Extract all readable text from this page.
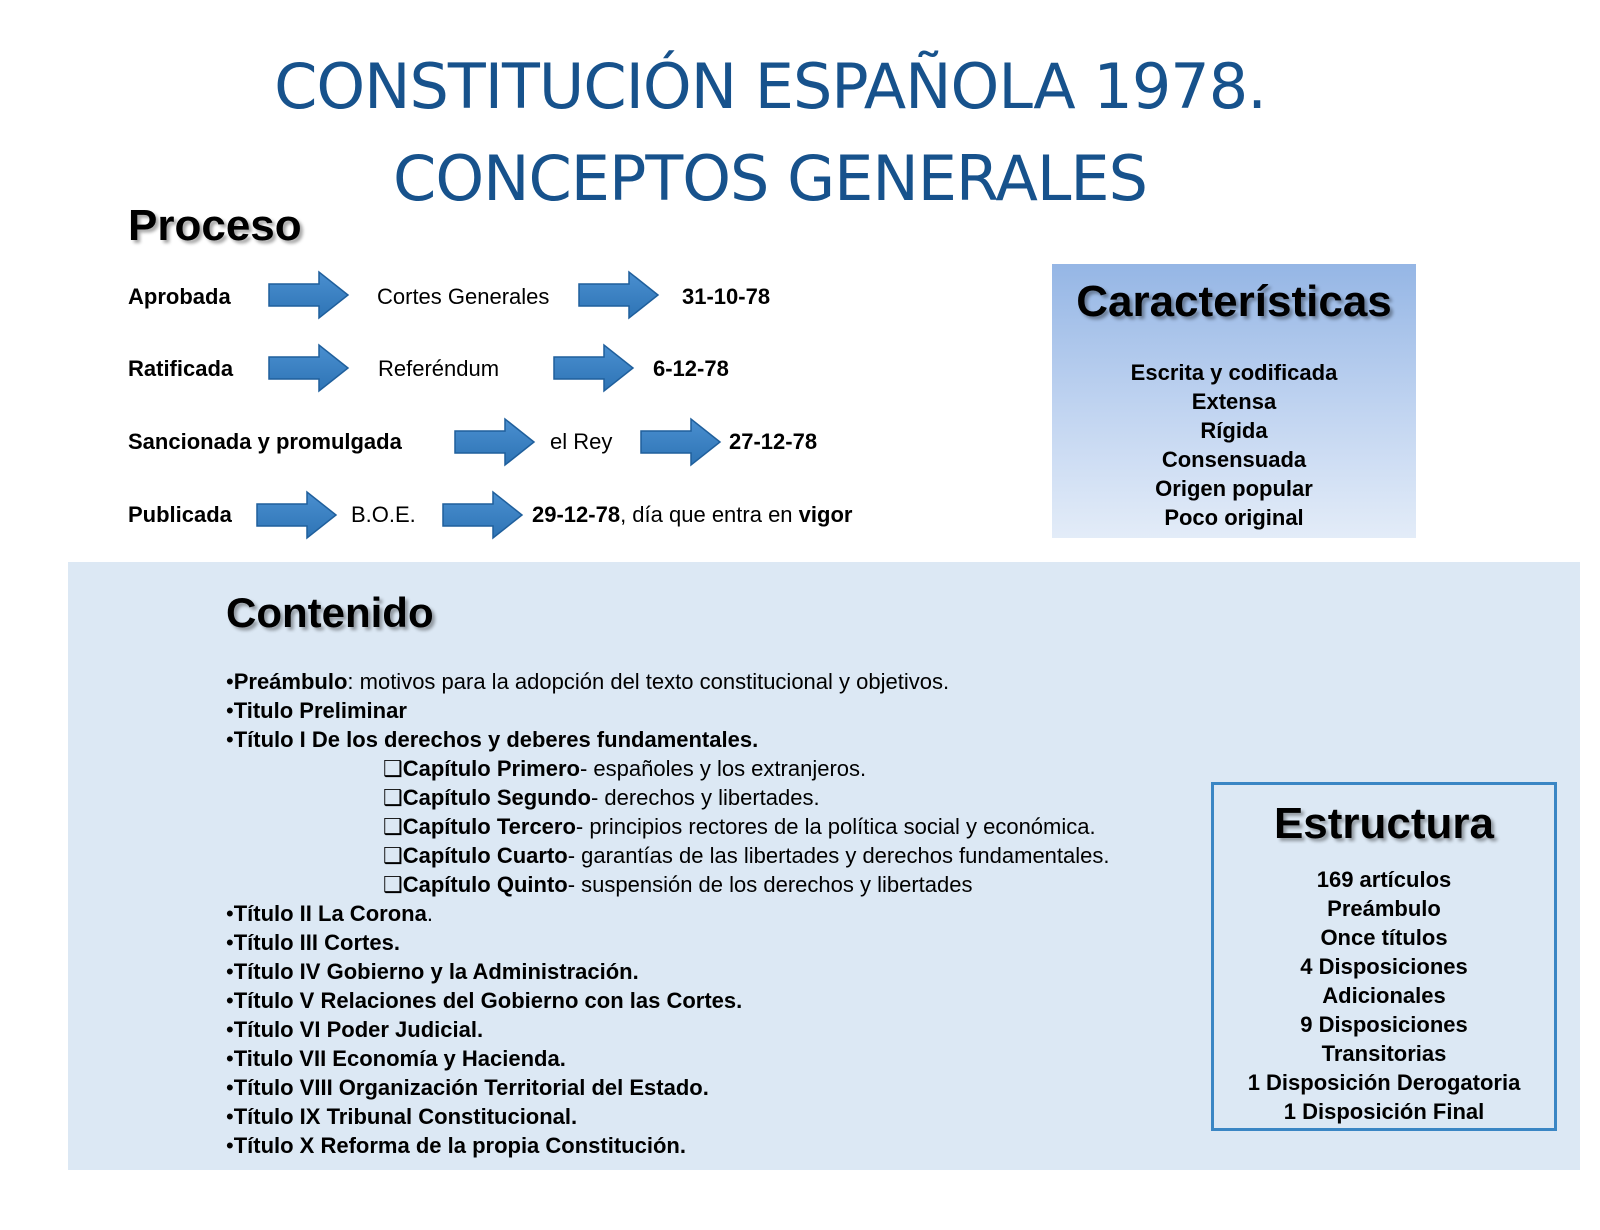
CONSTITUCIÓN ESPAÑOLA 1978.
CONCEPTOS GENERALES
Proceso
Aprobada	Cortes Generales	31-10-78
Ratificada	Referéndum	6-12-78
Sancionada y promulgada	el Rey	27-12-78
Publicada	B.O.E.	29-12-78, día que entra en vigor
Características
Escrita y codificada
Extensa
Rígida
Consensuada
Origen popular
Poco original
Contenido
•Preámbulo: motivos para la adopción del texto constitucional y objetivos.
•Titulo Preliminar
•Título I De los derechos y deberes fundamentales.
❑Capítulo Primero- españoles y los extranjeros.
❑Capítulo Segundo- derechos y libertades.
❑Capítulo Tercero- principios rectores de la política social y económica.
❑Capítulo Cuarto- garantías de las libertades y derechos fundamentales.
❑Capítulo Quinto- suspensión de los derechos y libertades
•Título II La Corona.
•Título III Cortes.
•Título IV Gobierno y la Administración.
•Título V Relaciones del Gobierno con las Cortes.
•Título VI Poder Judicial.
•Titulo VII Economía y Hacienda.
•Título VIII Organización Territorial del Estado.
•Título IX Tribunal Constitucional.
•Título X Reforma de la propia Constitución.
Estructura
169 artículos
Preámbulo
Once títulos
4 Disposiciones
Adicionales
9 Disposiciones
Transitorias
1 Disposición Derogatoria
1 Disposición Final
